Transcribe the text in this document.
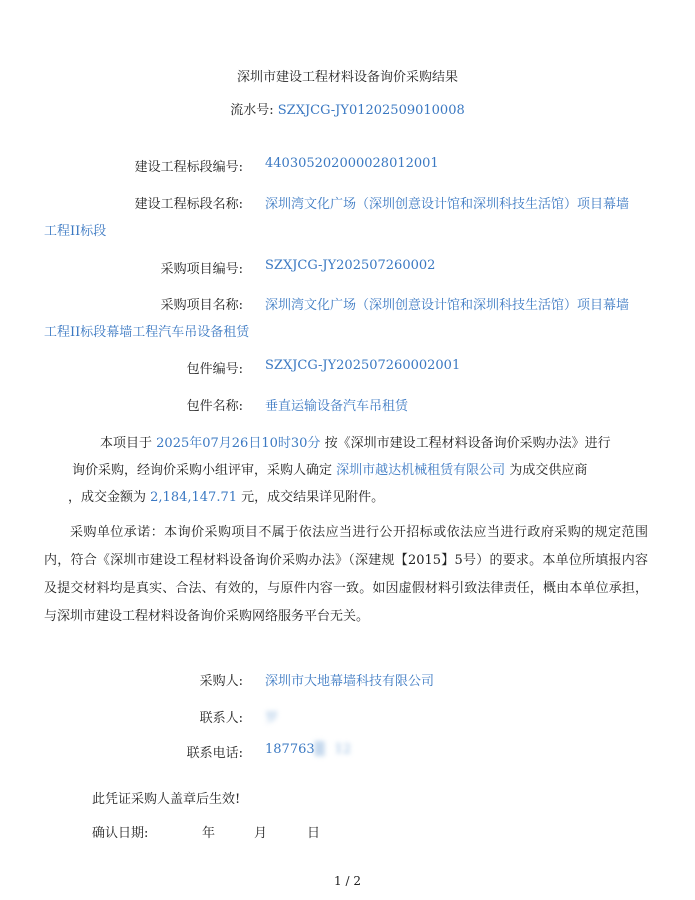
深圳市建设工程材料设备询价采购结果
流水号: SZXJCG-JY01202509010008
建设工程标段编号: 440305202000028012001
建设工程标段名称: 深圳湾文化广场（深圳创意设计馆和深圳科技生活馆）项目幕墙
工程II标段
采购项目编号: SZXJCG-JY202507260002
采购项目名称: 深圳湾文化广场（深圳创意设计馆和深圳科技生活馆）项目幕墙
工程II标段幕墙工程汽车吊设备租赁
包件编号: SZXJCG-JY202507260002001
包件名称: 垂直运输设备汽车吊租赁
本项目于 2025年07月26日10时30分 按《深圳市建设工程材料设备询价采购办法》进行
询价采购，经询价采购小组评审，采购人确定 深圳市越达机械租赁有限公司 为成交供应商
，成交金额为 2,184,147.71 元，成交结果详见附件。
采购单位承诺：本询价采购项目不属于依法应当进行公开招标或依法应当进行政府采购的规定范围内，符合《深圳市建设工程材料设备询价采购办法》（深建规【2015】5号）的要求。本单位所填报内容及提交材料均是真实、合法、有效的，与原件内容一致。如因虚假材料引致法律责任，概由本单位承担，与深圳市建设工程材料设备询价采购网络服务平台无关。
采购人: 深圳市大地幕墙科技有限公司
联系人: 罗
联系电话: 187763▒ 12
此凭证采购人盖章后生效!
确认日期:	年	月	日
1 / 2
